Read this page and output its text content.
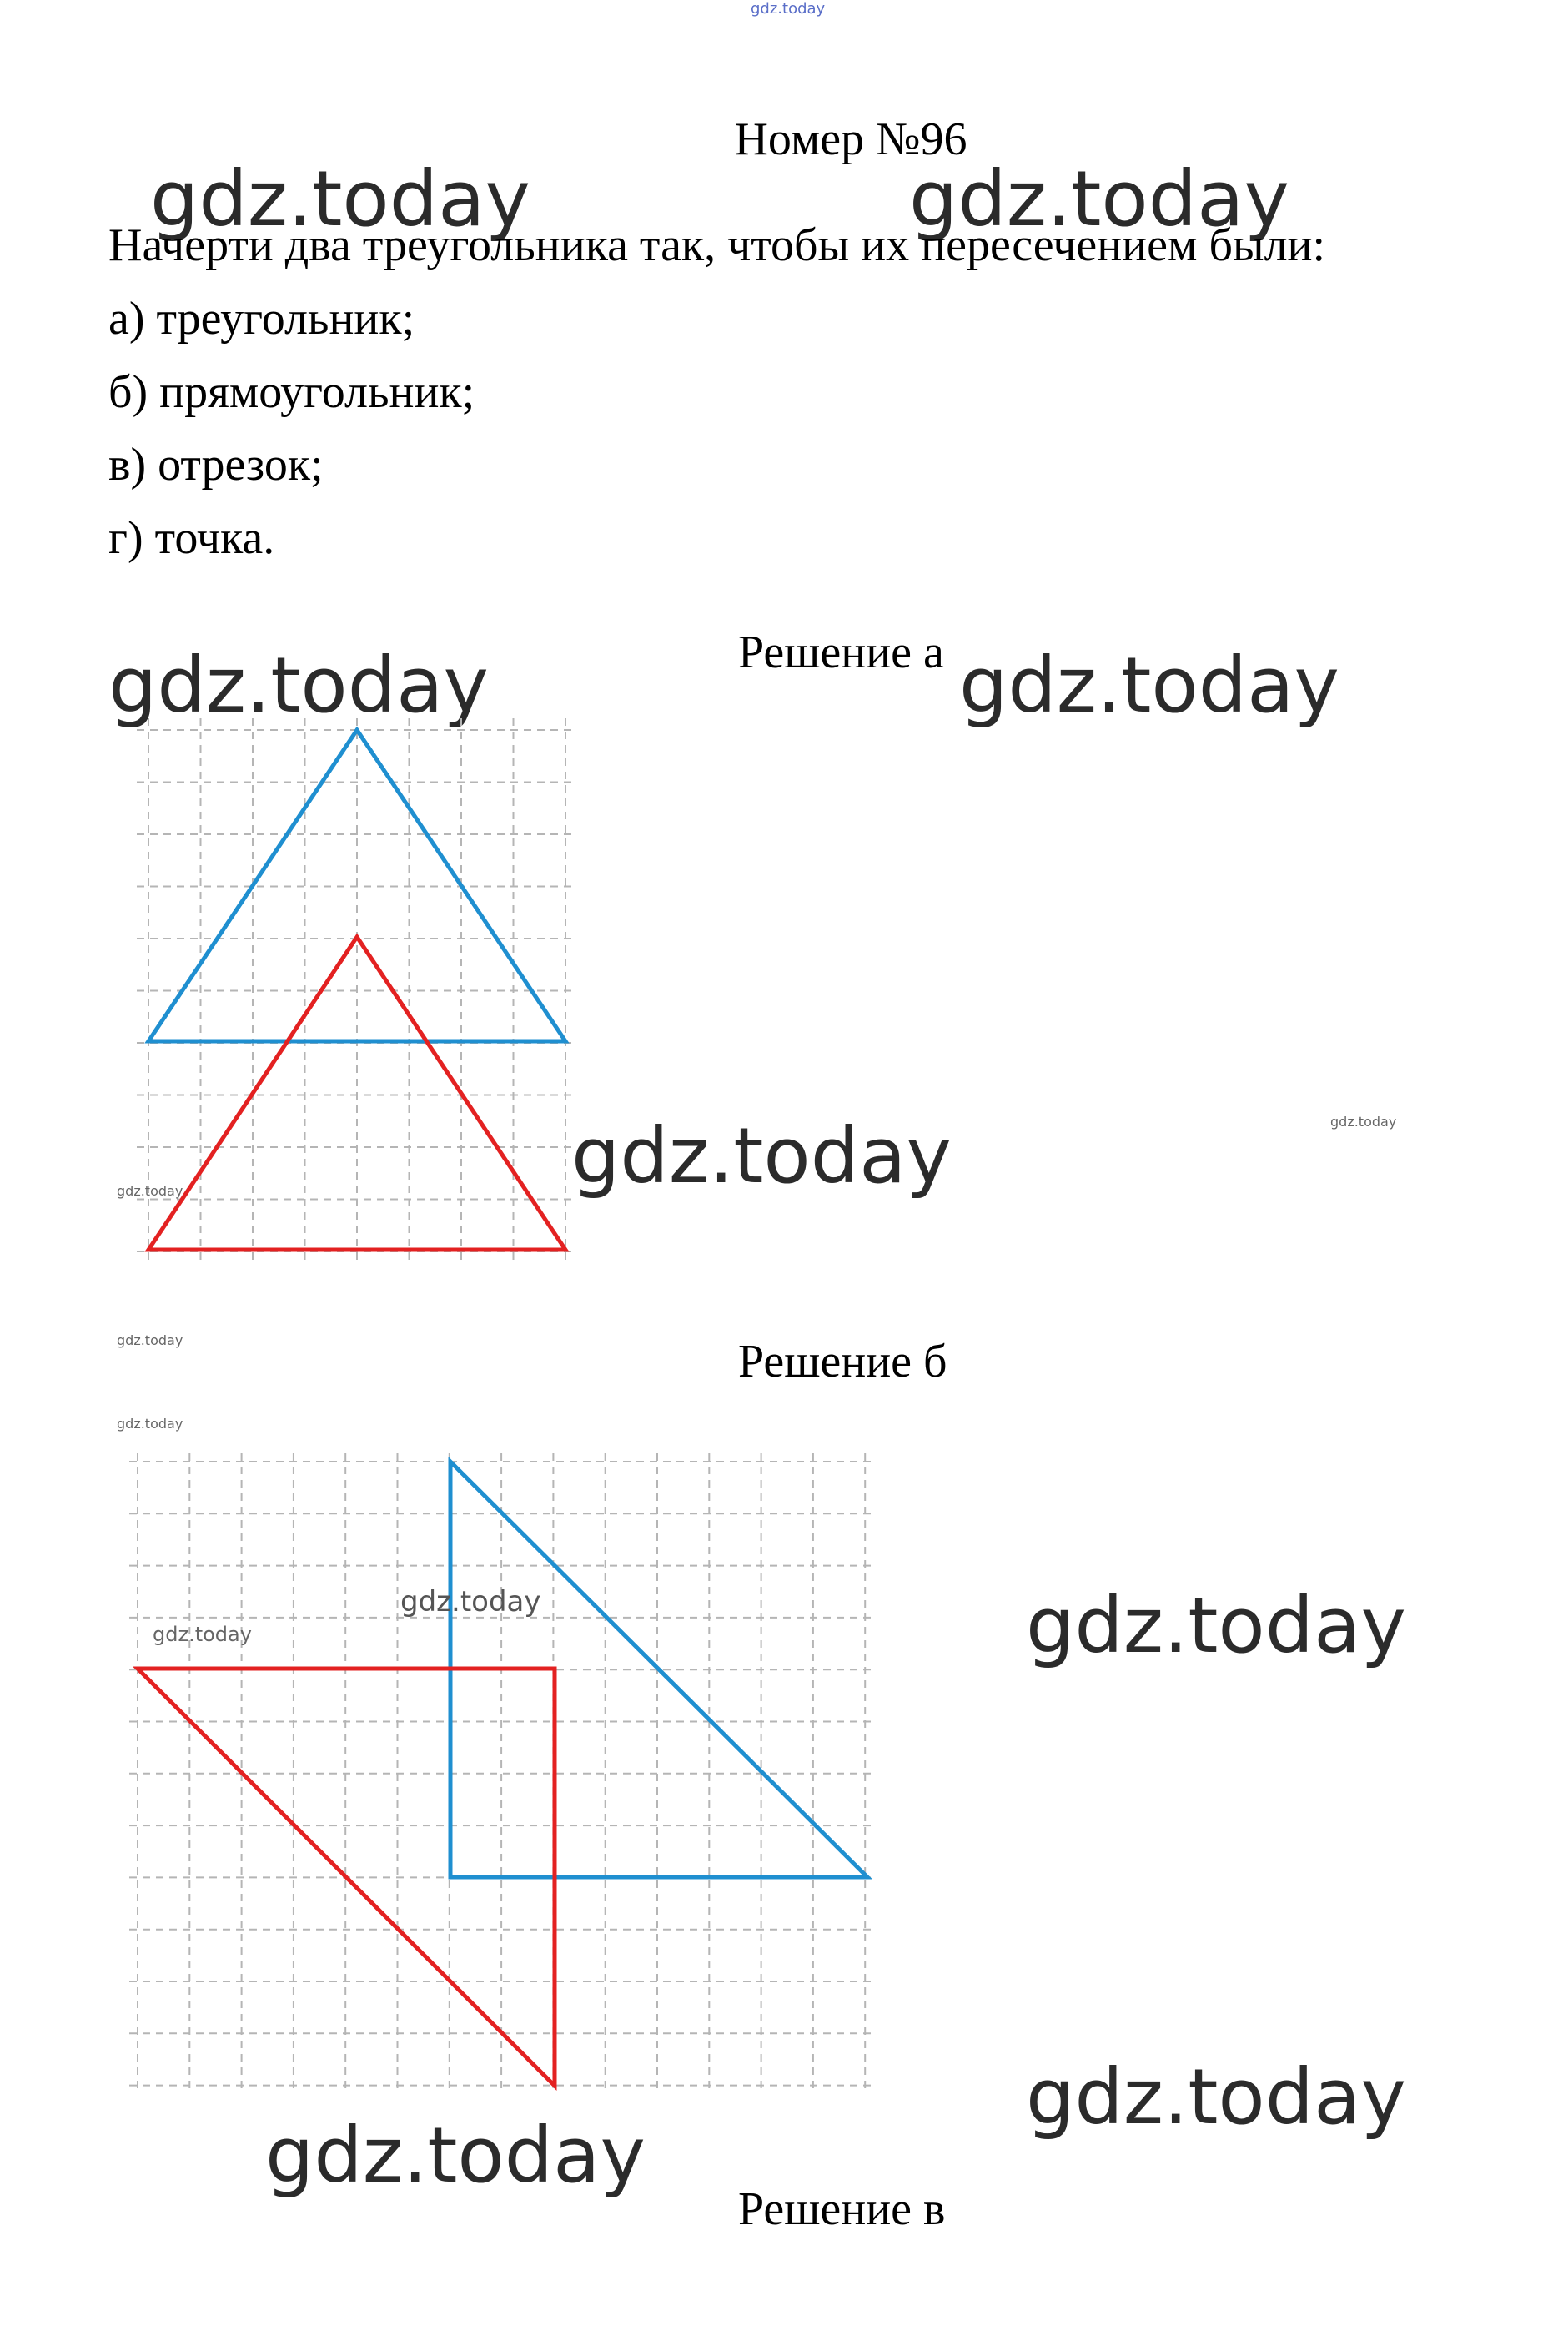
gdz.today
Номер №96
gdz.today	gdz.today
Начерти два треугольника так, чтобы их пересечением были:
а) треугольник;
б) прямоугольник;
в) отрезок;
г) точка.
Решение а
gdz.today	gdz.today
gdz.today	gdz.today	gdz.today
gdz.today	Решение б
gdz.today
gdz.today
gdz.today	gdz.today
gdz.today
gdz.today
Решение в
